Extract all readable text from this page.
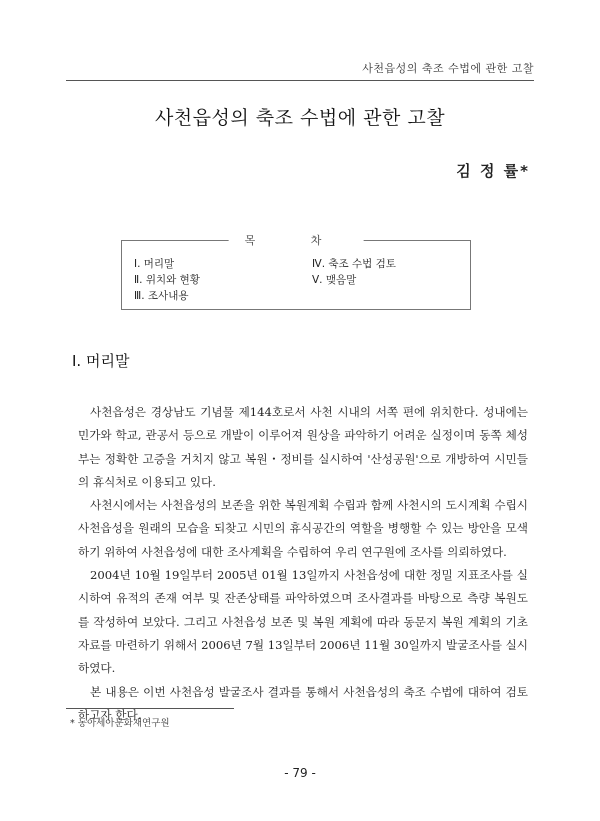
사천읍성의 축조 수법에 관한 고찰
사천읍성의 축조 수법에 관한 고찰
김 정 률*
목 차
Ⅰ. 머리말
Ⅱ. 위치와 현황
Ⅲ. 조사내용
Ⅳ. 축조 수법 검토
Ⅴ. 맺음말
Ⅰ. 머리말

사천읍성은 경상남도 기념물 제144호로서 사천 시내의 서쪽 편에 위치한다. 성내에는 민가와 학교, 관공서 등으로 개발이 이루어져 원상을 파악하기 어려운 실정이며 동쪽 체성부는 정확한 고증을 거치지 않고 복원・정비를 실시하여 '산성공원'으로 개방하여 시민들의 휴식처로 이용되고 있다.

사천시에서는 사천읍성의 보존을 위한 복원계획 수립과 함께 사천시의 도시계획 수립시 사천읍성을 원래의 모습을 되찾고 시민의 휴식공간의 역할을 병행할 수 있는 방안을 모색하기 위하여 사천읍성에 대한 조사계획을 수립하여 우리 연구원에 조사를 의뢰하였다.

2004년 10월 19일부터 2005년 01월 13일까지 사천읍성에 대한 정밀 지표조사를 실시하여 유적의 존재 여부 및 잔존상태를 파악하였으며 조사결과를 바탕으로 측량 복원도를 작성하여 보았다. 그리고 사천읍성 보존 및 복원 계획에 따라 동문지 복원 계획의 기초 자료를 마련하기 위해서 2006년 7월 13일부터 2006년 11월 30일까지 발굴조사를 실시하였다.

본 내용은 이번 사천읍성 발굴조사 결과를 통해서 사천읍성의 축조 수법에 대하여 검토하고자 한다.

* 동아세아문화재연구원
- 79 -
